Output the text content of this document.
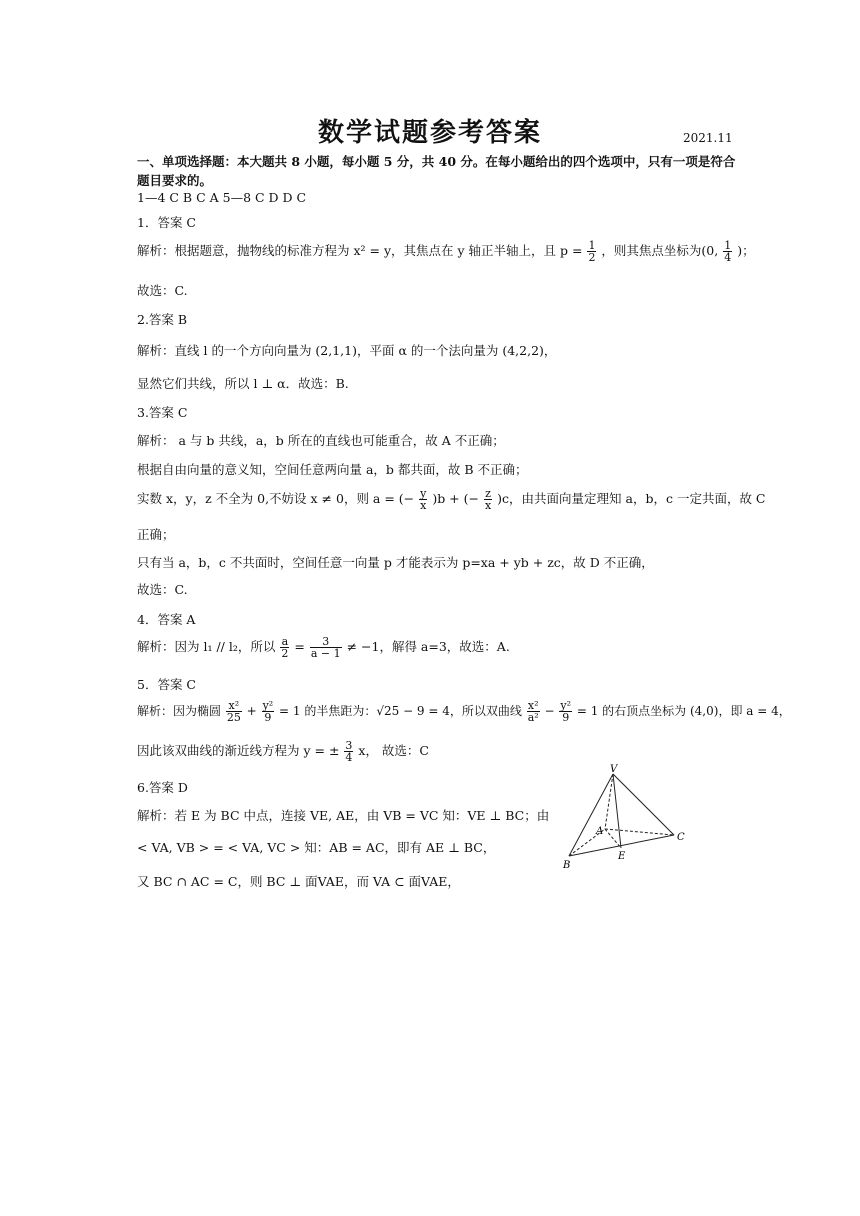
数学试题参考答案	2021.11
一、单项选择题：本大题共 8 小题，每小题 5 分，共 40 分。在每小题给出的四个选项中，只有一项是符合
题目要求的。
1—4 C B C A 5—8 C D D C
1．答案 C
解析：根据题意，抛物线的标准方程为 x² = y，其焦点在 y 轴正半轴上，且 $p = \frac{1}{2}$ ，则其焦点坐标为(0, $\frac{1}{4}$ )；
故选：C.
2.答案 B
解析：直线 l 的一个方向向量为 (2,1,1)，平面 α 的一个法向量为 (4,2,2)，
显然它们共线，所以 l ⊥ α．故选：B.
3.答案 C
解析： a 与 b 共线，a，b 所在的直线也可能重合，故 A 不正确；
根据自由向量的意义知，空间任意两向量 a，b 都共面，故 B 不正确；
实数 x，y，z 不全为 0,不妨设 x ≠ 0，则 a = (− $\frac{y}{x} )b$ + (− $\frac{z}{x} )c$，由共面向量定理知 a，b，c 一定共面，故 C
正确；
只有当 a，b，c 不共面时，空间任意一向量 p 才能表示为 p=xa + yb + zc，故 D 不正确，
故选：C.
4．答案 A
解析：因为 l₁ // l₂，所以 $\frac{a}{2} = \frac{3}{a - 1} \ne -1$，解得 a=3，故选：A.
5．答案 C
解析：因为椭圆 $\frac{\text{x²}}{25} + \frac{\text{y²}}{9} = 1$ 的半焦距为：√25 − 9 = 4，所以双曲线 $\frac{\text{x²}}{\text{a²}} - \frac{\text{y²}}{9} = 1$ 的右顶点坐标为 (4,0)，即 a = 4，
因此该双曲线的渐近线方程为 y = ± $\frac{3}{4}$ x， 故选：C
6.答案 D
解析：若 E 为 BC 中点，连接 VE, AE，由 VB = VC 知：VE ⊥ BC；由
< VA, VB > = < VA, VC > 知：AB = AC，即有 AE ⊥ BC，
又 BC ∩ AC = C，则 BC ⊥ 面VAE，而 VA ⊂ 面VAE，
V
A
B
C
E
